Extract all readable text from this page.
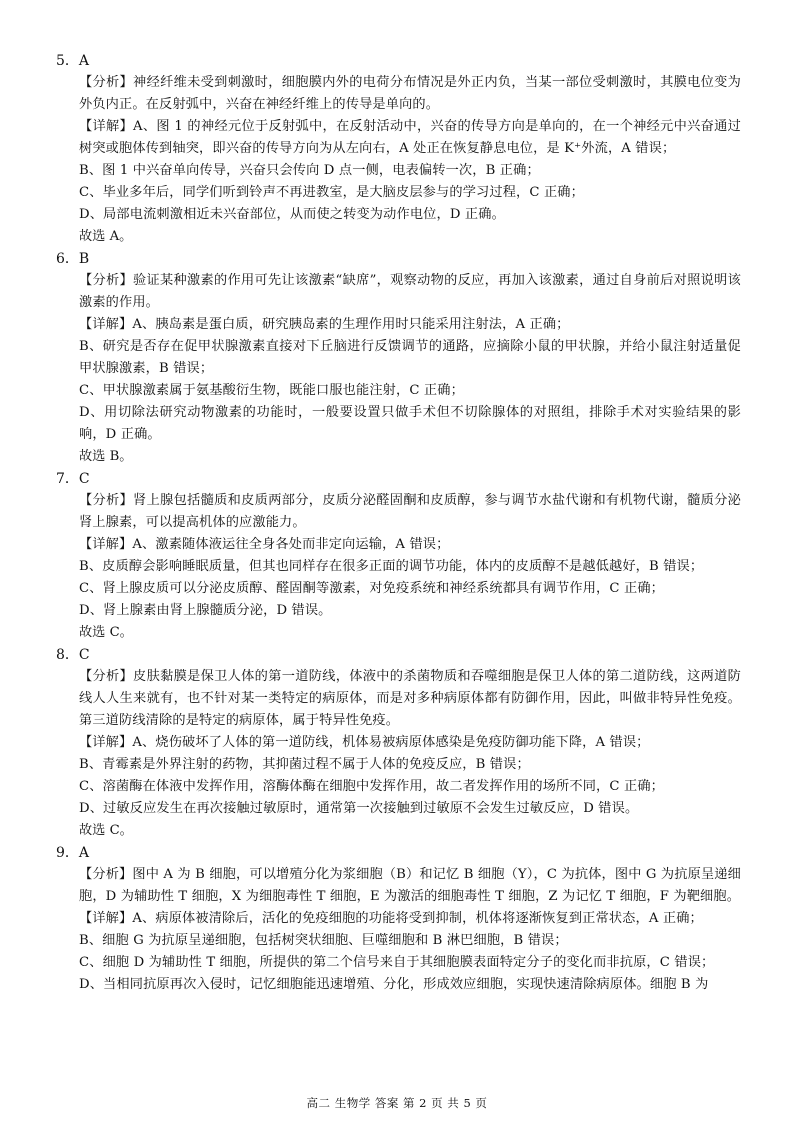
5．A

【分析】神经纤维未受到刺激时，细胞膜内外的电荷分布情况是外正内负，当某一部位受刺激时，其膜电位变为外负内正。在反射弧中，兴奋在神经纤维上的传导是单向的。

【详解】A、图 1 的神经元位于反射弧中，在反射活动中，兴奋的传导方向是单向的，在一个神经元中兴奋通过树突或胞体传到轴突，即兴奋的传导方向为从左向右，A 处正在恢复静息电位，是 K⁺外流，A 错误；

B、图 1 中兴奋单向传导，兴奋只会传向 D 点一侧，电表偏转一次，B 正确；

C、毕业多年后，同学们听到铃声不再进教室，是大脑皮层参与的学习过程，C 正确；

D、局部电流刺激相近未兴奋部位，从而使之转变为动作电位，D 正确。

故选 A。

6．B

【分析】验证某种激素的作用可先让该激素“缺席”，观察动物的反应，再加入该激素，通过自身前后对照说明该激素的作用。

【详解】A、胰岛素是蛋白质，研究胰岛素的生理作用时只能采用注射法，A 正确；

B、研究是否存在促甲状腺激素直接对下丘脑进行反馈调节的通路，应摘除小鼠的甲状腺，并给小鼠注射适量促甲状腺激素，B 错误；

C、甲状腺激素属于氨基酸衍生物，既能口服也能注射，C 正确；

D、用切除法研究动物激素的功能时，一般要设置只做手术但不切除腺体的对照组，排除手术对实验结果的影响，D 正确。

故选 B。

7．C

【分析】肾上腺包括髓质和皮质两部分，皮质分泌醛固酮和皮质醇，参与调节水盐代谢和有机物代谢，髓质分泌肾上腺素，可以提高机体的应激能力。

【详解】A、激素随体液运往全身各处而非定向运输，A 错误；

B、皮质醇会影响睡眠质量，但其也同样存在很多正面的调节功能，体内的皮质醇不是越低越好，B 错误；

C、肾上腺皮质可以分泌皮质醇、醛固酮等激素，对免疫系统和神经系统都具有调节作用，C 正确；

D、肾上腺素由肾上腺髓质分泌，D 错误。

故选 C。

8．C

【分析】皮肤黏膜是保卫人体的第一道防线，体液中的杀菌物质和吞噬细胞是保卫人体的第二道防线，这两道防线人人生来就有，也不针对某一类特定的病原体，而是对多种病原体都有防御作用，因此，叫做非特异性免疫。第三道防线清除的是特定的病原体，属于特异性免疫。

【详解】A、烧伤破坏了人体的第一道防线，机体易被病原体感染是免疫防御功能下降，A 错误；

B、青霉素是外界注射的药物，其抑菌过程不属于人体的免疫反应，B 错误；

C、溶菌酶在体液中发挥作用，溶酶体酶在细胞中发挥作用，故二者发挥作用的场所不同，C 正确；

D、过敏反应发生在再次接触过敏原时，通常第一次接触到过敏原不会发生过敏反应，D 错误。

故选 C。

9．A

【分析】图中 A 为 B 细胞，可以增殖分化为浆细胞（B）和记忆 B 细胞（Y），C 为抗体，图中 G 为抗原呈递细胞，D 为辅助性 T 细胞，X 为细胞毒性 T 细胞，E 为激活的细胞毒性 T 细胞，Z 为记忆 T 细胞，F 为靶细胞。

【详解】A、病原体被清除后，活化的免疫细胞的功能将受到抑制，机体将逐渐恢复到正常状态，A 正确；

B、细胞 G 为抗原呈递细胞，包括树突状细胞、巨噬细胞和 B 淋巴细胞，B 错误；

C、细胞 D 为辅助性 T 细胞，所提供的第二个信号来自于其细胞膜表面特定分子的变化而非抗原，C 错误；

D、当相同抗原再次入侵时，记忆细胞能迅速增殖、分化，形成效应细胞，实现快速清除病原体。细胞 B 为

高二 生物学 答案 第 2 页 共 5 页
